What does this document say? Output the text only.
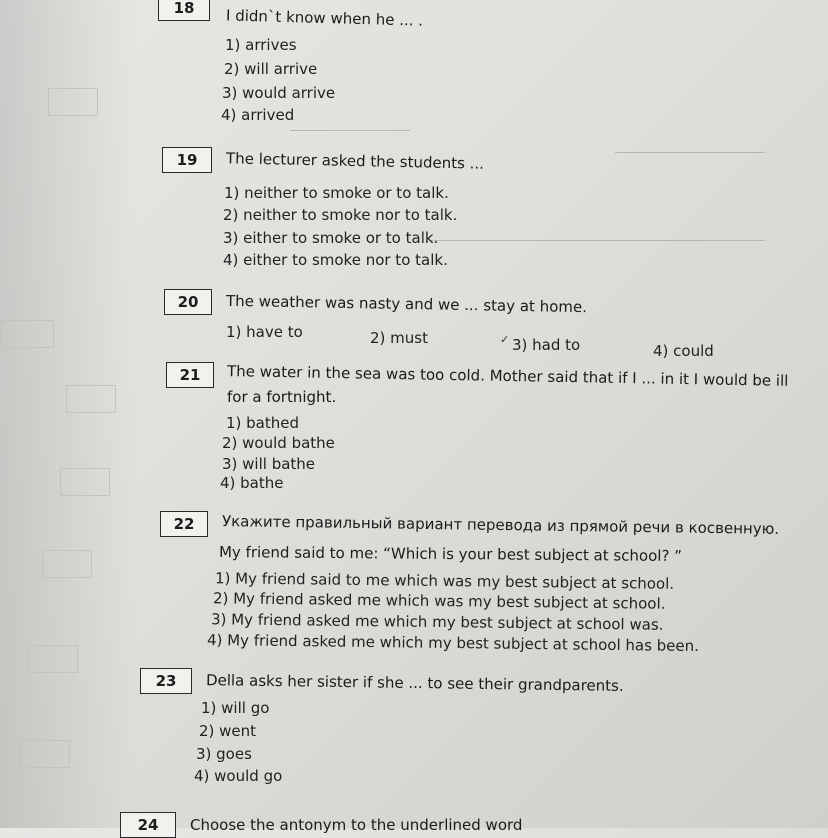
18	I didn`t know when he ... .
1) arrives
2) will arrive
3) would arrive
4) arrived
19	The lecturer asked the students ...
1) neither to smoke or to talk.
2) neither to smoke nor to talk.
3) either to smoke or to talk.
4) either to smoke nor to talk.
20	The weather was nasty and we ... stay at home.
1) have to	2) must	✓ 3) had to	4) could
21	The water in the sea was too cold. Mother said that if I ... in it I would be ill
for a fortnight.
1) bathed
2) would bathe
3) will bathe
4) bathe
22	Укажите правильный вариант перевода из прямой речи в косвенную.
My friend said to me: “Which is your best subject at school? ”
1) My friend said to me which was my best subject at school.
2) My friend asked me which was my best subject at school.
3) My friend asked me which my best subject at school was.
4) My friend asked me which my best subject at school has been.
23	Della asks her sister if she ... to see their grandparents.
1) will go
2) went
3) goes
4) would go
24	Choose the antonym to the underlined word
